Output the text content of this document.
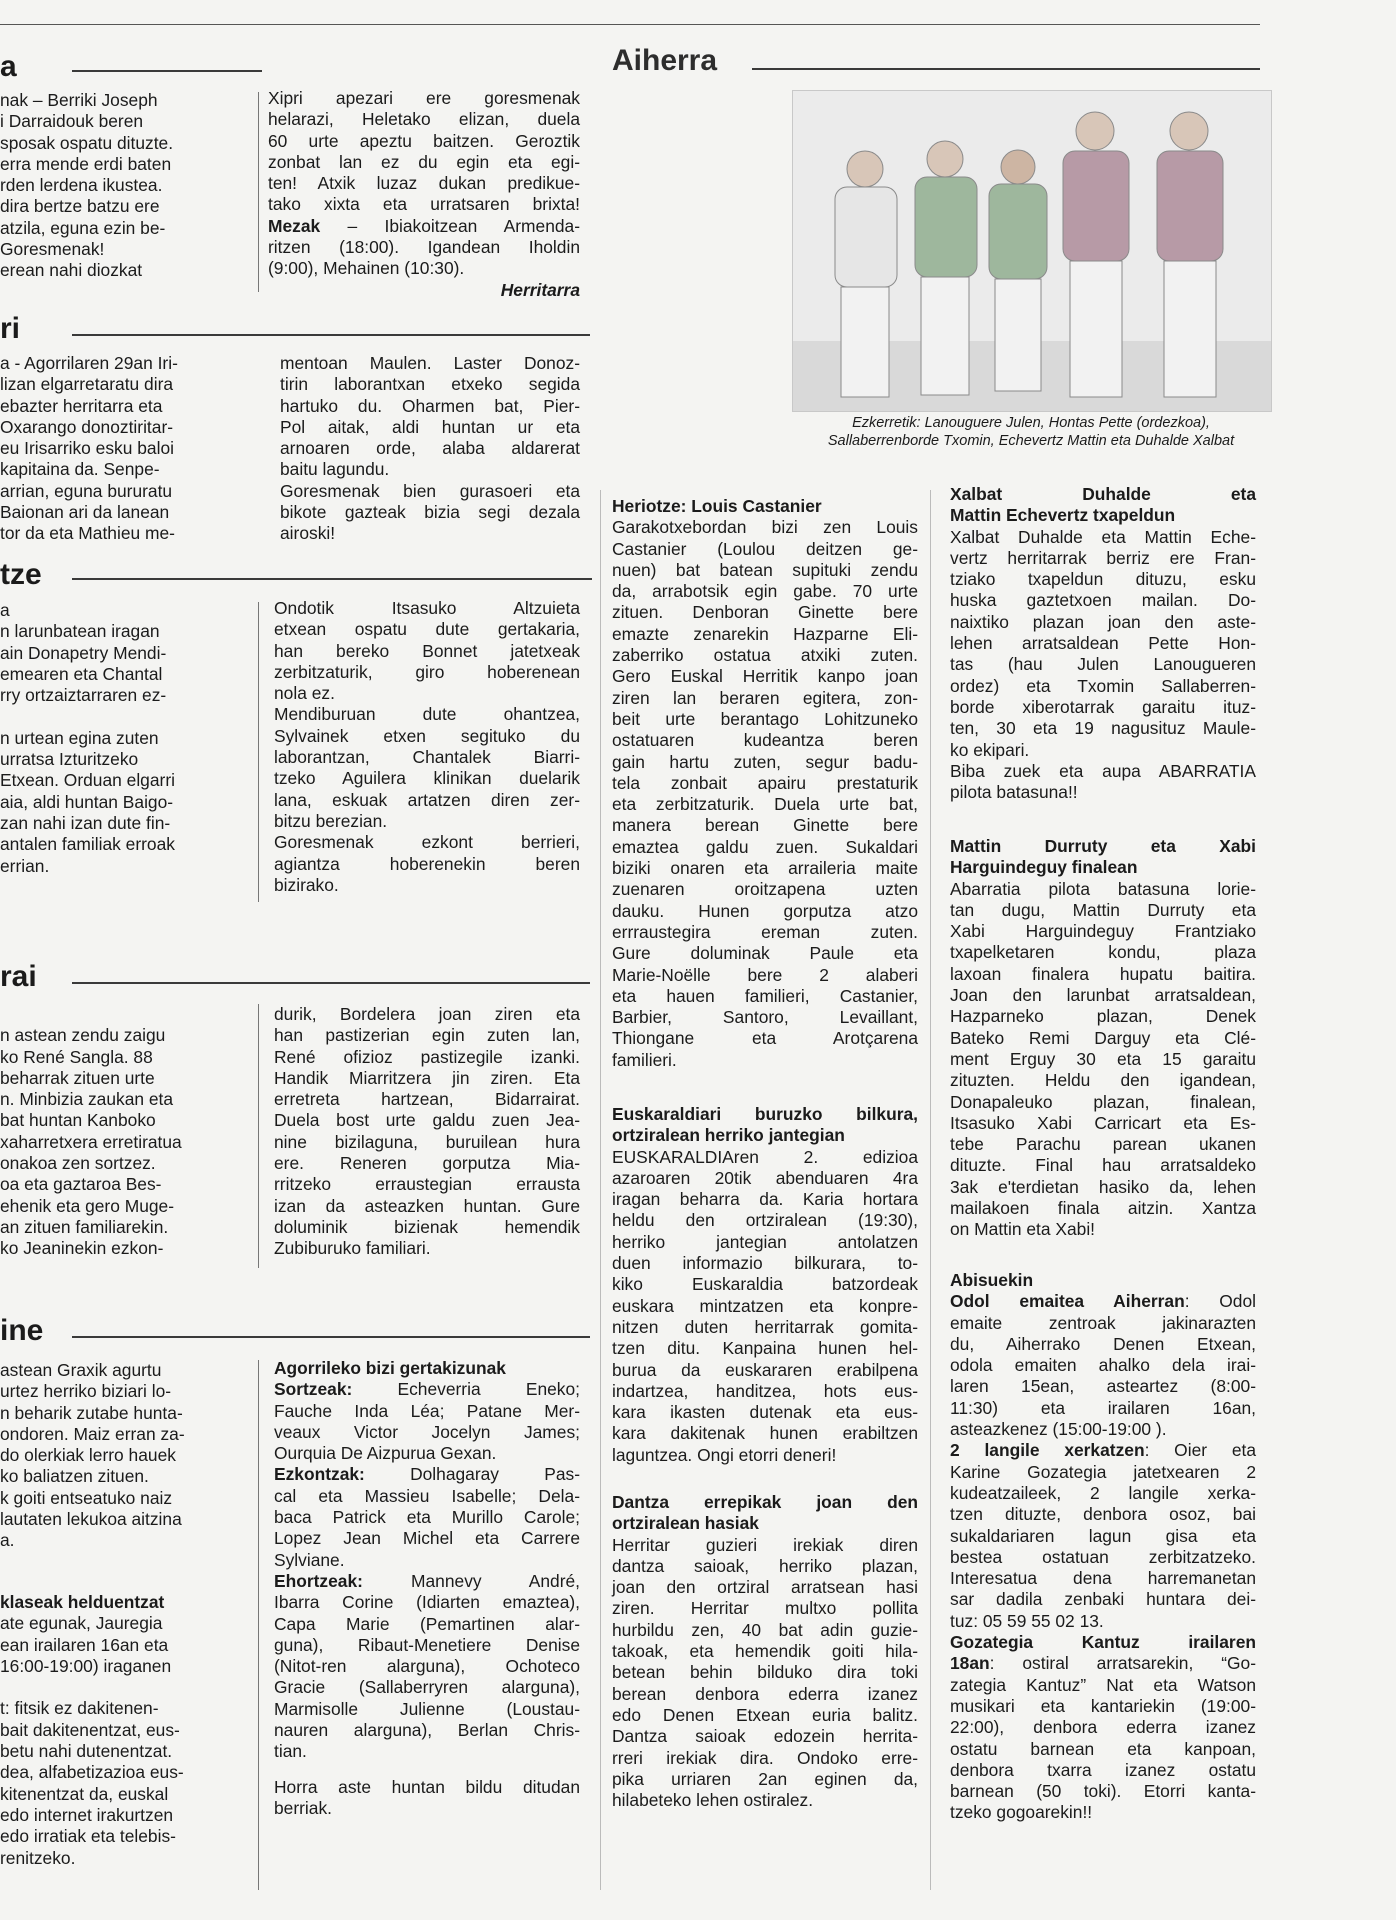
a
nak – Berriki Joseph
i Darraidouk beren
sposak ospatu dituzte.
erra mende erdi baten
rden lerdena ikustea.
dira bertze batzu ere
atzila, eguna ezin be-
Goresmenak!
erean nahi diozkat
ri
a - Agorrilaren 29an Iri-
lizan elgarretaratu dira
ebazter herritarra eta
Oxarango donoztiritar-
eu Irisarriko esku baloi
kapitaina da. Senpe-
arrian, eguna bururatu
Baionan ari da lanean
tor da eta Mathieu me-
tze
a
n larunbatean iragan
ain Donapetry Mendi-
emearen eta Chantal
rry ortzaiztarraren ez-

n urtean egina zuten
urratsa Izturitzeko
Etxean. Orduan elgarri
aia, aldi huntan Baigo-
zan nahi izan dute fin-
antalen familiak erroak
errian.
rai

n astean zendu zaigu
ko René Sangla. 88
beharrak zituen urte
n. Minbizia zaukan eta
bat huntan Kanboko
xaharretxera erretiratua
onakoa zen sortzez.
oa eta gaztaroa Bes-
ehenik eta gero Muge-
an zituen familiarekin.
ko Jeaninekin ezkon-
ine
astean Graxik agurtu
urtez herriko biziari lo-
n beharik zutabe hunta-
ondoren. Maiz erran za-
do olerkiak lerro hauek
ko baliatzen zituen.
k goiti entseatuko naiz
lautaten lekukoa aitzina
a.
klaseak helduentzat
ate egunak, Jauregia
ean irailaren 16an eta
16:00-19:00) iraganen

t: fitsik ez dakitenen-
bait dakitenentzat, eus-
betu nahi dutenentzat.
dea, alfabetizazioa eus-
kitenentzat da, euskal
edo internet irakurtzen
edo irratiak eta telebis-
renitzeko.
Xipri apezari ere goresmenak
helarazi, Heletako elizan, duela
60 urte apeztu baitzen. Geroztik
zonbat lan ez du egin eta egi-
ten! Atxik luzaz dukan predikue-
tako xixta eta urratsaren brixta!
Mezak – Ibiakoitzean Armenda-
ritzen (18:00). Igandean Iholdin
(9:00), Mehainen (10:30).
Herritarra
mentoan Maulen. Laster Donoz-
tirin laborantxan etxeko segida
hartuko du. Oharmen bat, Pier-
Pol aitak, aldi huntan ur eta
arnoaren orde, alaba aldarerat
baitu lagundu.
Goresmenak bien gurasoeri eta
bikote gazteak bizia segi dezala
airoski!
Ondotik Itsasuko Altzuieta
etxean ospatu dute gertakaria,
han bereko Bonnet jatetxeak
zerbitzaturik, giro hoberenean
nola ez.
Mendiburuan dute ohantzea,
Sylvainek etxen segituko du
laborantzan, Chantalek Biarri-
tzeko Aguilera klinikan duelarik
lana, eskuak artatzen diren zer-
bitzu berezian.
Goresmenak ezkont berrieri,
agiantza hoberenekin beren
bizirako.
durik, Bordelera joan ziren eta
han pastizerian egin zuten lan,
René ofizioz pastizegile izanki.
Handik Miarritzera jin ziren. Eta
erretreta hartzean, Bidarrairat.
Duela bost urte galdu zuen Jea-
nine bizilaguna, buruilean hura
ere. Reneren gorputza Mia-
rritzeko erraustegian errausta
izan da asteazken huntan. Gure
doluminik bizienak hemendik
Zubiburuko familiari.
Agorrileko bizi gertakizunak
Sortzeak: Echeverria Eneko;
Fauche Inda Léa; Patane Mer-
veaux Victor Jocelyn James;
Ourquia De Aizpurua Gexan.
Ezkontzak: Dolhagaray Pas-
cal eta Massieu Isabelle; Dela-
baca Patrick eta Murillo Carole;
Lopez Jean Michel eta Carrere
Sylviane.
Ehortzeak: Mannevy André,
Ibarra Corine (Idiarten emaztea),
Capa Marie (Pemartinen alar-
guna), Ribaut-Menetiere Denise
(Nitot-ren alarguna), Ochoteco
Gracie (Sallaberryren alarguna),
Marmisolle Julienne (Loustau-
nauren alarguna), Berlan Chris-
tian.
Horra aste huntan bildu ditudan
berriak.
Aiherra
Ezkerretik: Lanouguere Julen, Hontas Pette (ordezkoa),
Sallaberrenborde Txomin, Echevertz Mattin eta Duhalde Xalbat
Heriotze: Louis Castanier
Garakotxebordan bizi zen Louis
Castanier (Loulou deitzen ge-
nuen) bat batean supituki zendu
da, arrabotsik egin gabe. 70 urte
zituen. Denboran Ginette bere
emazte zenarekin Hazparne Eli-
zaberriko ostatua atxiki zuten.
Gero Euskal Herritik kanpo joan
ziren lan beraren egitera, zon-
beit urte berantago Lohitzuneko
ostatuaren kudeantza beren
gain hartu zuten, segur badu-
tela zonbait apairu prestaturik
eta zerbitzaturik. Duela urte bat,
manera berean Ginette bere
emaztea galdu zuen. Sukaldari
biziki onaren eta arraileria maite
zuenaren oroitzapena uzten
dauku. Hunen gorputza atzo
errraustegira ereman zuten.
Gure doluminak Paule eta
Marie-Noëlle bere 2 alaberi
eta hauen familieri, Castanier,
Barbier, Santoro, Levaillant,
Thiongane eta Arotçarena
familieri.
Euskaraldiari buruzko bilkura,
ortziralean herriko jantegian
EUSKARALDIAren 2. edizioa
azaroaren 20tik abenduaren 4ra
iragan beharra da. Karia hortara
heldu den ortziralean (19:30),
herriko jantegian antolatzen
duen informazio bilkurara, to-
kiko Euskaraldia batzordeak
euskara mintzatzen eta konpre-
nitzen duten herritarrak gomita-
tzen ditu. Kanpaina hunen hel-
burua da euskararen erabilpena
indartzea, handitzea, hots eus-
kara ikasten dutenak eta eus-
kara dakitenak hunen erabiltzen
laguntzea. Ongi etorri deneri!
Dantza errepikak joan den
ortziralean hasiak
Herritar guzieri irekiak diren
dantza saioak, herriko plazan,
joan den ortziral arratsean hasi
ziren. Herritar multxo pollita
hurbildu zen, 40 bat adin guzie-
takoak, eta hemendik goiti hila-
betean behin bilduko dira toki
berean denbora ederra izanez
edo Denen Etxean euria balitz.
Dantza saioak edozein herrita-
rreri irekiak dira. Ondoko erre-
pika urriaren 2an eginen da,
hilabeteko lehen ostiralez.
Xalbat Duhalde eta
Mattin Echevertz txapeldun
Xalbat Duhalde eta Mattin Eche-
vertz herritarrak berriz ere Fran-
tziako txapeldun dituzu, esku
huska gaztetxoen mailan. Do-
naixtiko plazan joan den aste-
lehen arratsaldean Pette Hon-
tas (hau Julen Lanougueren
ordez) eta Txomin Sallaberren-
borde xiberotarrak garaitu ituz-
ten, 30 eta 19 nagusituz Maule-
ko ekipari.
Biba zuek eta aupa ABARRATIA
pilota batasuna!!
Mattin Durruty eta Xabi
Harguindeguy finalean
Abarratia pilota batasuna lorie-
tan dugu, Mattin Durruty eta
Xabi Harguindeguy Frantziako
txapelketaren kondu, plaza
laxoan finalera hupatu baitira.
Joan den larunbat arratsaldean,
Hazparneko plazan, Denek
Bateko Remi Darguy eta Clé-
ment Erguy 30 eta 15 garaitu
zituzten. Heldu den igandean,
Donapaleuko plazan, finalean,
Itsasuko Xabi Carricart eta Es-
tebe Parachu parean ukanen
dituzte. Final hau arratsaldeko
3ak e'terdietan hasiko da, lehen
mailakoen finala aitzin. Xantza
on Mattin eta Xabi!
Abisuekin
Odol emaitea Aiherran: Odol
emaite zentroak jakinarazten
du, Aiherrako Denen Etxean,
odola emaiten ahalko dela irai-
laren 15ean, asteartez (8:00-
11:30) eta irailaren 16an,
asteazkenez (15:00-19:00 ).
2 langile xerkatzen: Oier eta
Karine Gozategia jatetxearen 2
kudeatzaileek, 2 langile xerka-
tzen dituzte, denbora osoz, bai
sukaldariaren lagun gisa eta
bestea ostatuan zerbitzatzeko.
Interesatua dena harremanetan
sar dadila zenbaki huntara dei-
tuz: 05 59 55 02 13.
Gozategia Kantuz irailaren
18an: ostiral arratsarekin, “Go-
zategia Kantuz” Nat eta Watson
musikari eta kantariekin (19:00-
22:00), denbora ederra izanez
ostatu barnean eta kanpoan,
denbora txarra izanez ostatu
barnean (50 toki). Etorri kanta-
tzeko gogoarekin!!
